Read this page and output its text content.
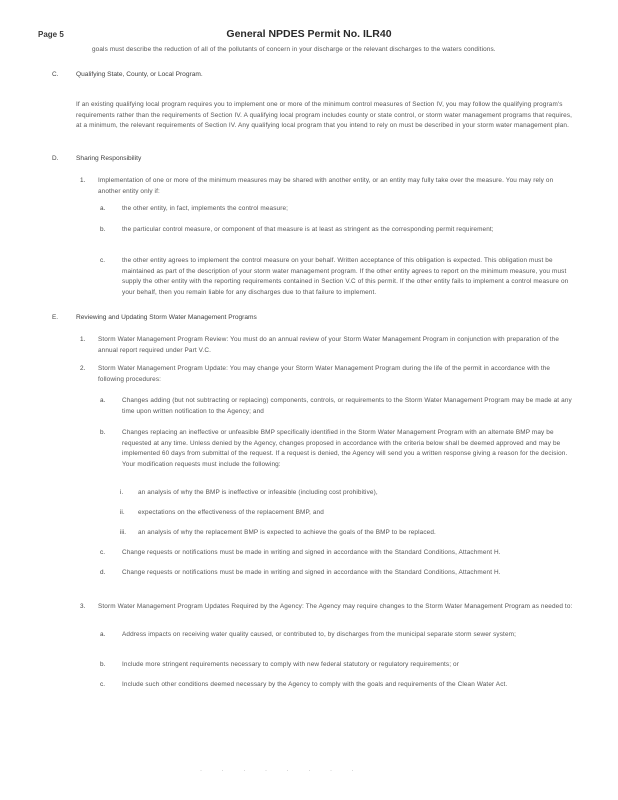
Page 5	General NPDES Permit No. ILR40
goals must describe the reduction of all of the pollutants of concern in your discharge or the relevant discharges to the waters conditions.
C.	Qualifying State, County, or Local Program.
If an existing qualifying local program requires you to implement one or more of the minimum control measures of Section IV, you may follow the qualifying program's requirements rather than the requirements of Section IV. A qualifying local program includes county or state control, or storm water management programs that requires, at a minimum, the relevant requirements of Section IV. Any qualifying local program that you intend to rely on must be described in your storm water management plan.
D.	Sharing Responsibility
1. Implementation of one or more of the minimum measures may be shared with another entity, or an entity may fully take over the measure. You may rely on another entity only if:
a.	the other entity, in fact, implements the control measure;
b.	the particular control measure, or component of that measure is at least as stringent as the corresponding permit requirement;
c.	the other entity agrees to implement the control measure on your behalf. Written acceptance of this obligation is expected. This obligation must be maintained as part of the description of your storm water management program. If the other entity agrees to report on the minimum measure, you must supply the other entity with the reporting requirements contained in Section V.C of this permit. If the other entity fails to implement a control measure on your behalf, then you remain liable for any discharges due to that failure to implement.
E.	Reviewing and Updating Storm Water Management Programs
1. Storm Water Management Program Review: You must do an annual review of your Storm Water Management Program in conjunction with preparation of the annual report required under Part V.C.
2. Storm Water Management Program Update: You may change your Storm Water Management Program during the life of the permit in accordance with the following procedures:
a.	Changes adding (but not subtracting or replacing) components, controls, or requirements to the Storm Water Management Program may be made at any time upon written notification to the Agency; and
b.	Changes replacing an ineffective or unfeasible BMP specifically identified in the Storm Water Management Program with an alternate BMP may be requested at any time. Unless denied by the Agency, changes proposed in accordance with the criteria below shall be deemed approved and may be implemented 60 days from submittal of the request. If a request is denied, the Agency will send you a written response giving a reason for the decision. Your modification requests must include the following:
i. an analysis of why the BMP is ineffective or infeasible (including cost prohibitive),
ii. expectations on the effectiveness of the replacement BMP, and
iii. an analysis of why the replacement BMP is expected to achieve the goals of the BMP to be replaced.
c.	Change requests or notifications must be made in writing and signed in accordance with the Standard Conditions, Attachment H.
d.	Change requests or notifications must be made in writing and signed in accordance with the Standard Conditions, Attachment H.
3. Storm Water Management Program Updates Required by the Agency: The Agency may require changes to the Storm Water Management Program as needed to:
a.	Address impacts on receiving water quality caused, or contributed to, by discharges from the municipal separate storm sewer system;
b.	Include more stringent requirements necessary to comply with new federal statutory or regulatory requirements; or
c.	Include such other conditions deemed necessary by the Agency to comply with the goals and requirements of the Clean Water Act.
· · · · · · · ·
